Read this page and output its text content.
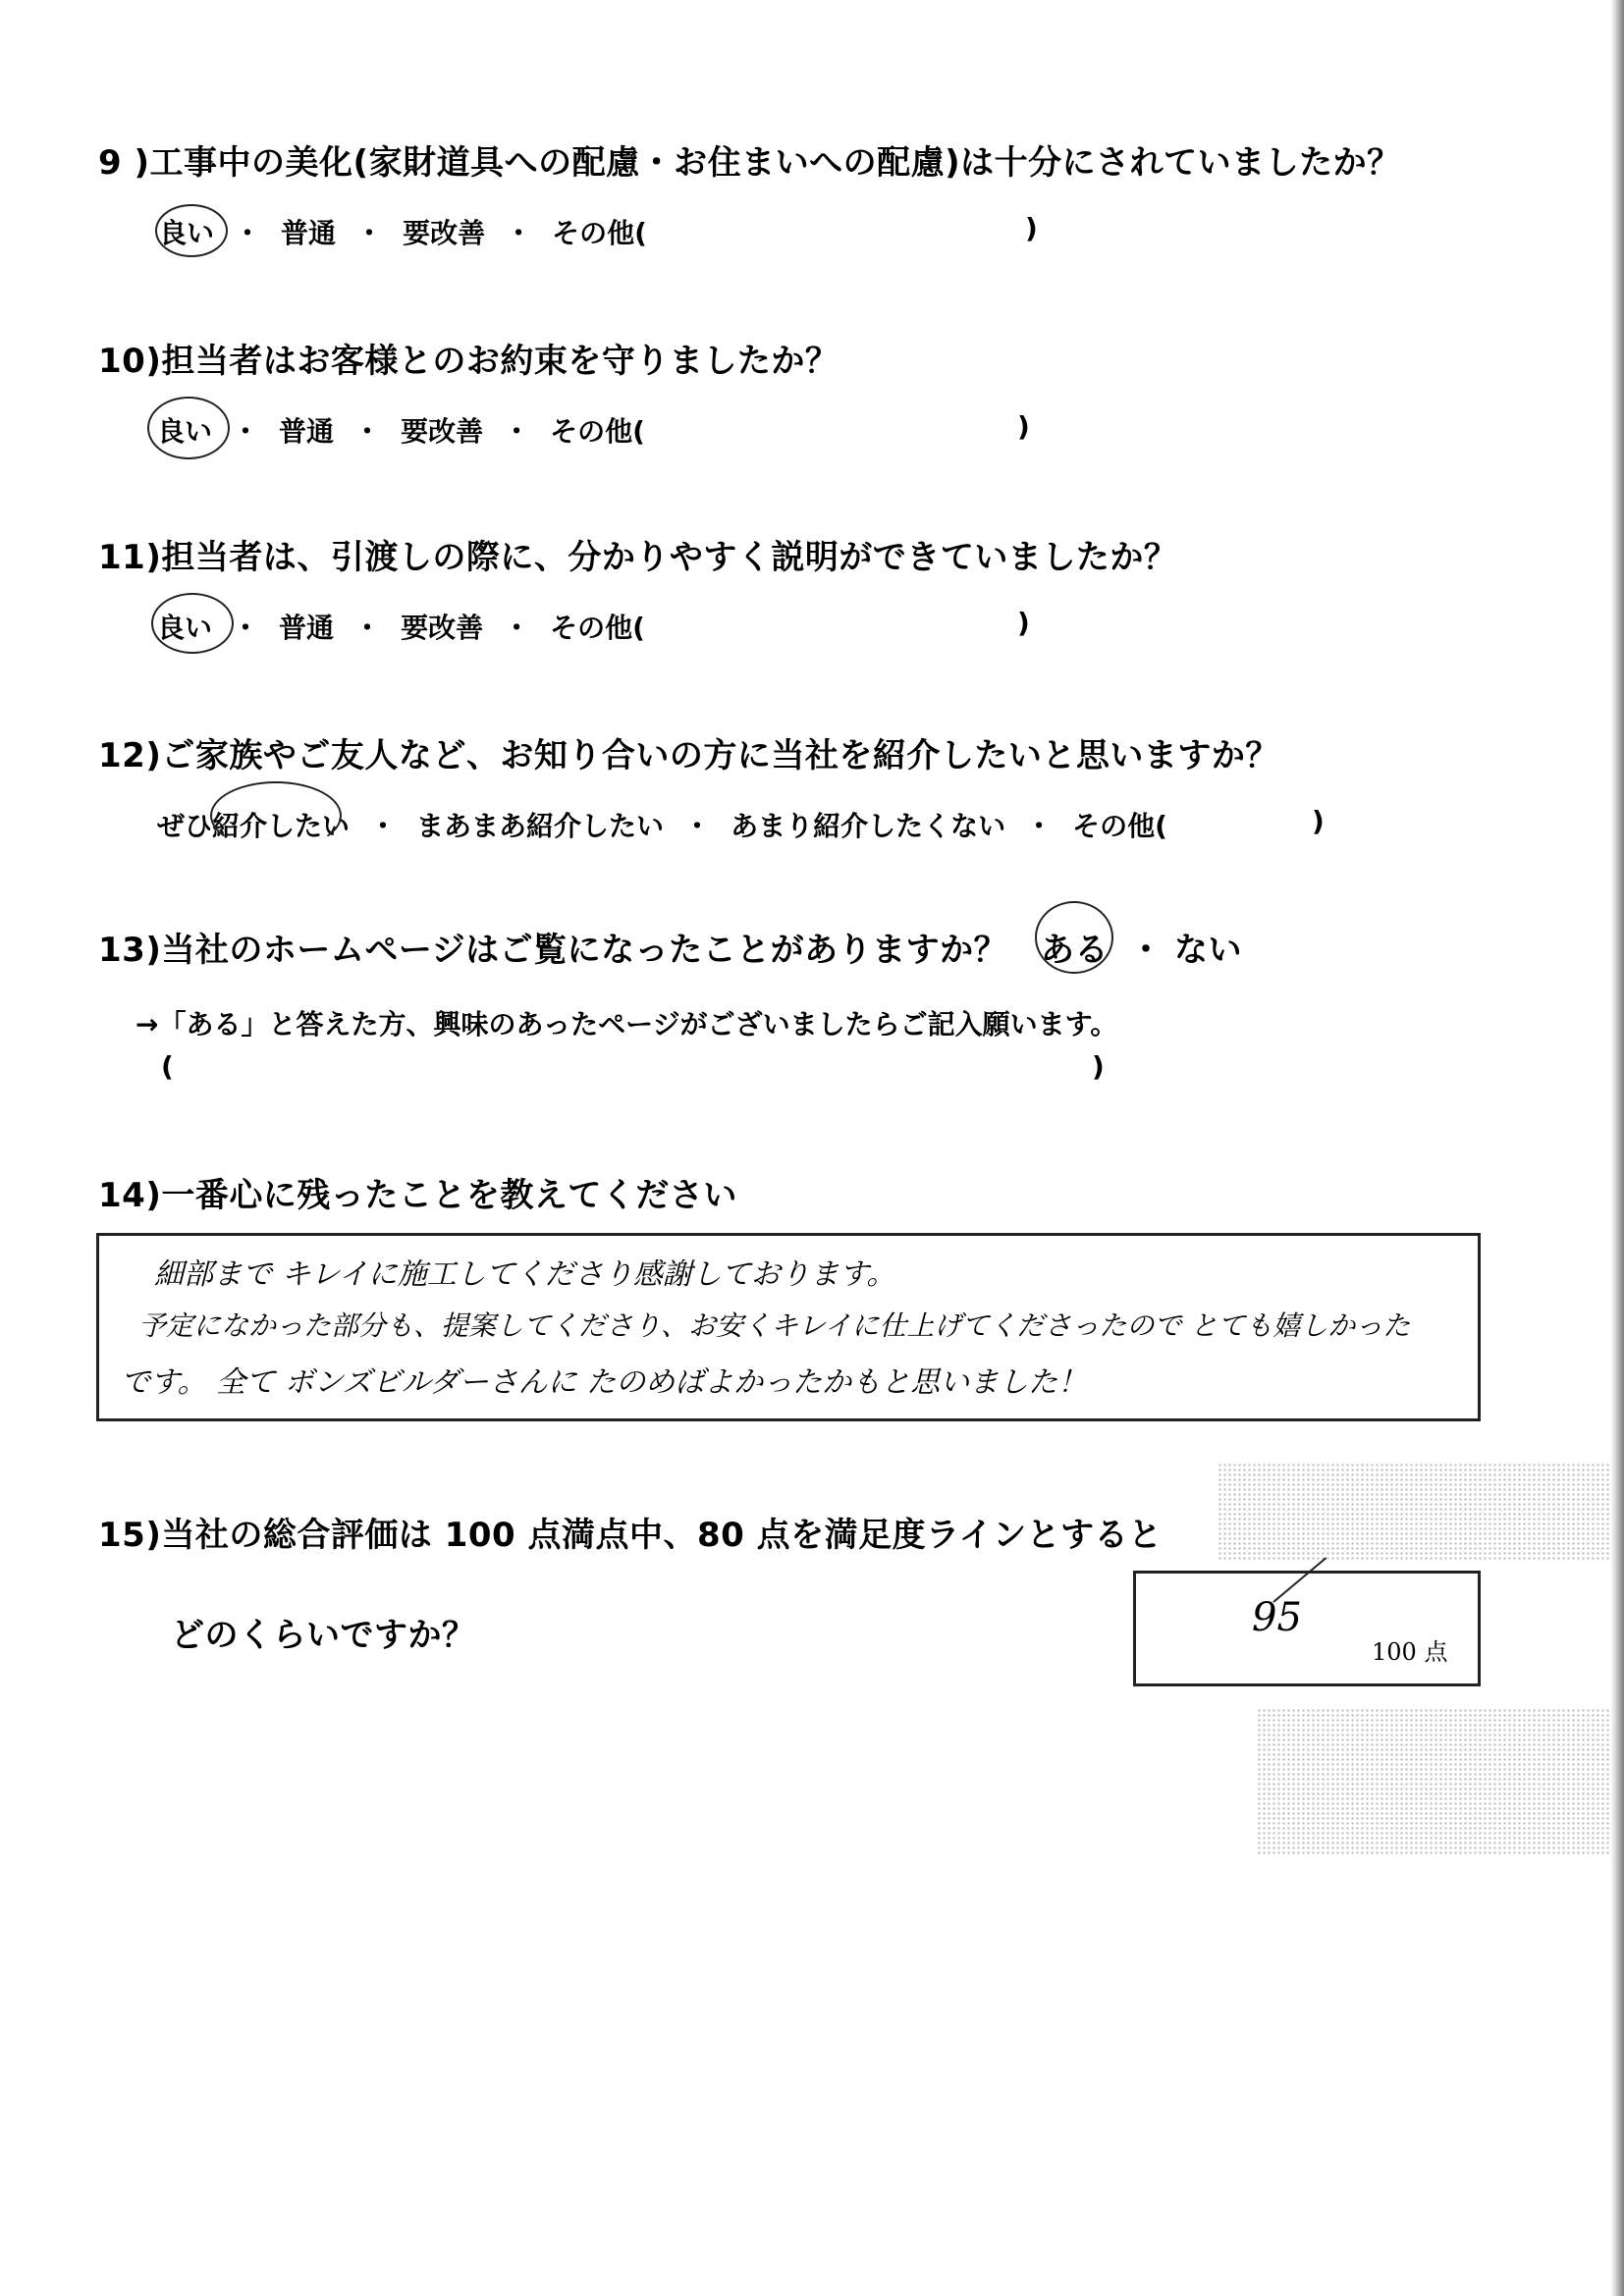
9 )工事中の美化(家財道具への配慮・お住まいへの配慮)は十分にされていましたか？
良い ・ 普通 ・ 要改善 ・ その他(	)
10)担当者はお客様とのお約束を守りましたか？
良い ・ 普通 ・ 要改善 ・ その他(	)
11)担当者は、引渡しの際に、分かりやすく説明ができていましたか？
良い ・ 普通 ・ 要改善 ・ その他(	)
12)ご家族やご友人など、お知り合いの方に当社を紹介したいと思いますか？
ぜひ紹介したい ・ まあまあ紹介したい ・ あまり紹介したくない ・ その他(	)
13)当社のホームページはご覧になったことがありますか？ ある ・ ない
→「ある」と答えた方、興味のあったページがございましたらご記入願います。
(	)
14)一番心に残ったことを教えてください
細部まで キレイに施工してくださり感謝しております。
予定になかった部分も、提案してくださり、お安くキレイに仕上げてくださったので とても嬉しかった
です。 全て ボンズビルダーさんに たのめばよかったかもと思いました！
15)当社の総合評価は 100 点満点中、80 点を満足度ラインとすると
どのくらいですか？	95
100 点
